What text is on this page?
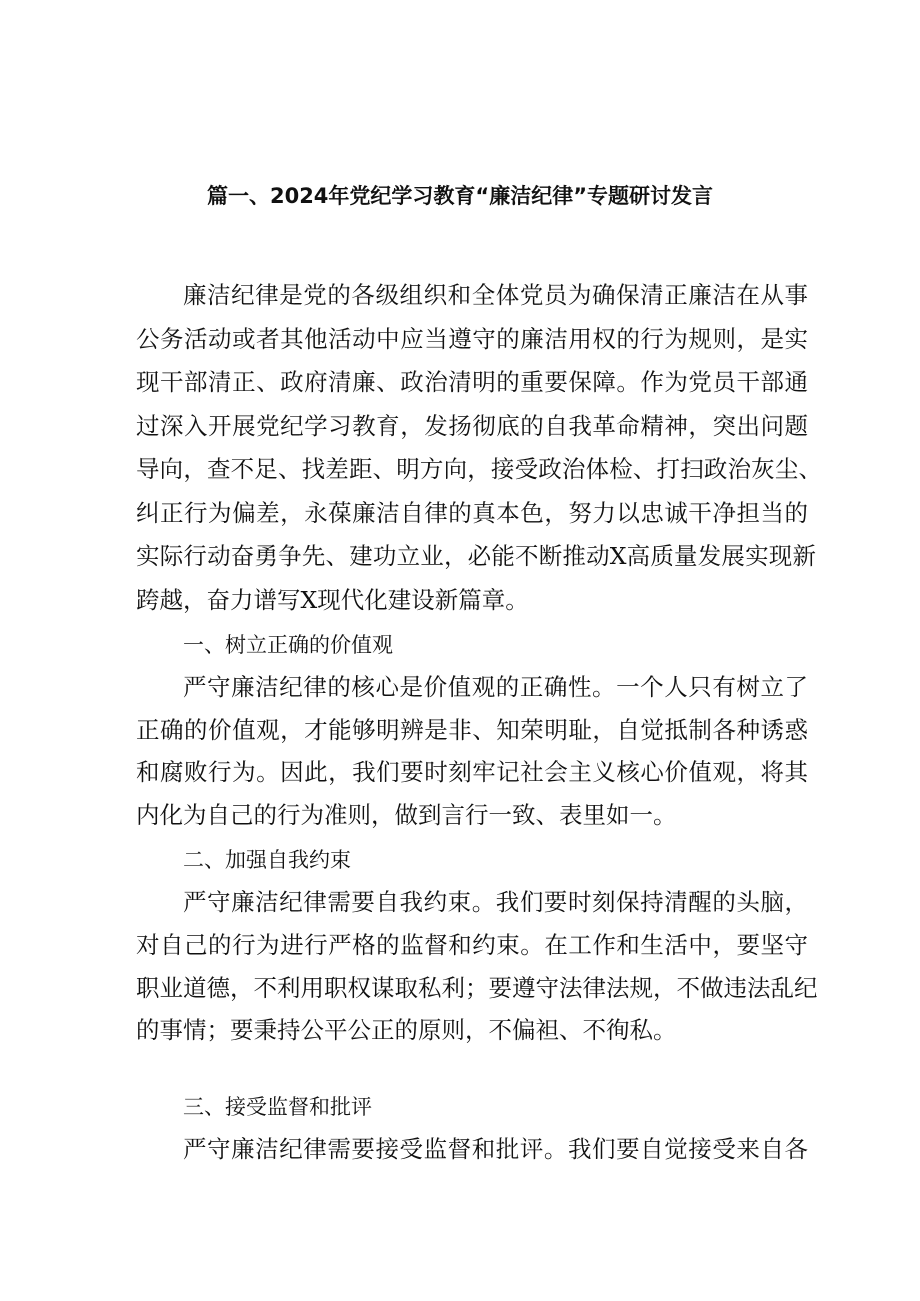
篇一、2024年党纪学习教育“廉洁纪律”专题研讨发言
廉洁纪律是党的各级组织和全体党员为确保清正廉洁在从事
公务活动或者其他活动中应当遵守的廉洁用权的行为规则，是实
现干部清正、政府清廉、政治清明的重要保障。作为党员干部通
过深入开展党纪学习教育，发扬彻底的自我革命精神，突出问题
导向，查不足、找差距、明方向，接受政治体检、打扫政治灰尘、
纠正行为偏差，永葆廉洁自律的真本色，努力以忠诚干净担当的
实际行动奋勇争先、建功立业，必能不断推动X高质量发展实现新
跨越，奋力谱写X现代化建设新篇章。
一、树立正确的价值观
严守廉洁纪律的核心是价值观的正确性。一个人只有树立了
正确的价值观，才能够明辨是非、知荣明耻，自觉抵制各种诱惑
和腐败行为。因此，我们要时刻牢记社会主义核心价值观，将其
内化为自己的行为准则，做到言行一致、表里如一。
二、加强自我约束
严守廉洁纪律需要自我约束。我们要时刻保持清醒的头脑，
对自己的行为进行严格的监督和约束。在工作和生活中，要坚守
职业道德，不利用职权谋取私利；要遵守法律法规，不做违法乱纪
的事情；要秉持公平公正的原则，不偏袒、不徇私。
三、接受监督和批评
严守廉洁纪律需要接受监督和批评。我们要自觉接受来自各
